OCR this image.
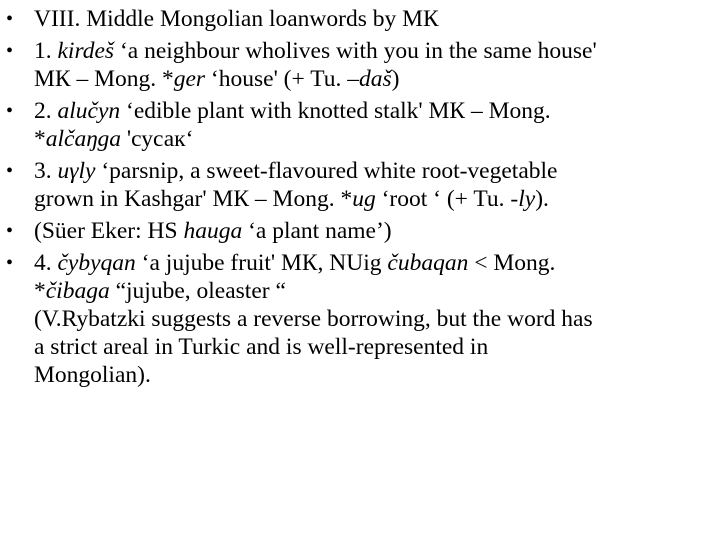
• VIII. Middle Mongolian loanwords by МК
• 1. kirdeš ‘a neighbour wholives with you in the same house'
МК – Mong. *ger ‘house' (+ Tu. –daš)
• 2. alučyn ‘edible plant with knotted stalk' МК – Mong.
*alčaŋga 'сусак‘
• 3. uγly ‘parsnip, a sweet-flavoured white root-vegetable
grown in Kashgar' МК – Mong. *ug ‘root ‘ (+ Tu. -ly).
• (Süer Eker: HS hauga ‘a plant name’)
• 4. čybyqan ‘a jujube fruit' МК, NUig čubaqan < Mong.
*čibaga “jujube, oleaster “
(V.Rybatzki suggests a reverse borrowing, but the word has
a strict areal in Turkic and is well-represented in
Mongolian).
